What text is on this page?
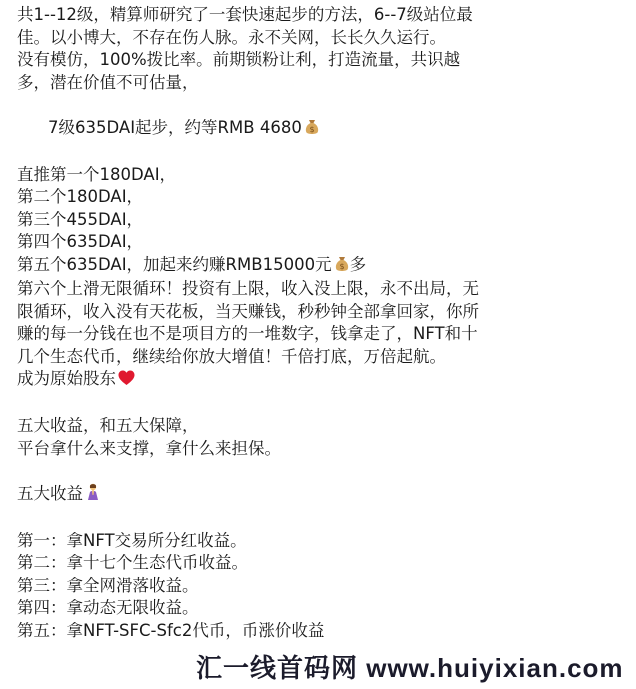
共1--12级，精算师研究了一套快速起步的方法，6--7级站位最

佳。以小博大，不存在伤人脉。永不关网，长长久久运行。

没有模仿，100%拨比率。前期锁粉让利，打造流量，共识越

多，潜在价值不可估量，

7级635DAI起步，约等RMB 4680 $

直推第一个180DAI，

第二个180DAI，

第三个455DAI，

第四个635DAI，

第五个635DAI，加起来约赚RMB15000元 $ 多

第六个上滑无限循环！投资有上限，收入没上限，永不出局，无

限循环，收入没有天花板，当天赚钱，秒秒钟全部拿回家，你所

赚的每一分钱在也不是项目方的一堆数字，钱拿走了，NFT和十

几个生态代币，继续给你放大增值！千倍打底，万倍起航。

成为原始股东

五大收益，和五大保障，

平台拿什么来支撑，拿什么来担保。

五大收益

第一：拿NFT交易所分红收益。

第二：拿十七个生态代币收益。

第三：拿全网滑落收益。

第四：拿动态无限收益。

第五：拿NFT-SFC-Sfc2代币，币涨价收益

汇一线首码网 www.huiyixian.com
